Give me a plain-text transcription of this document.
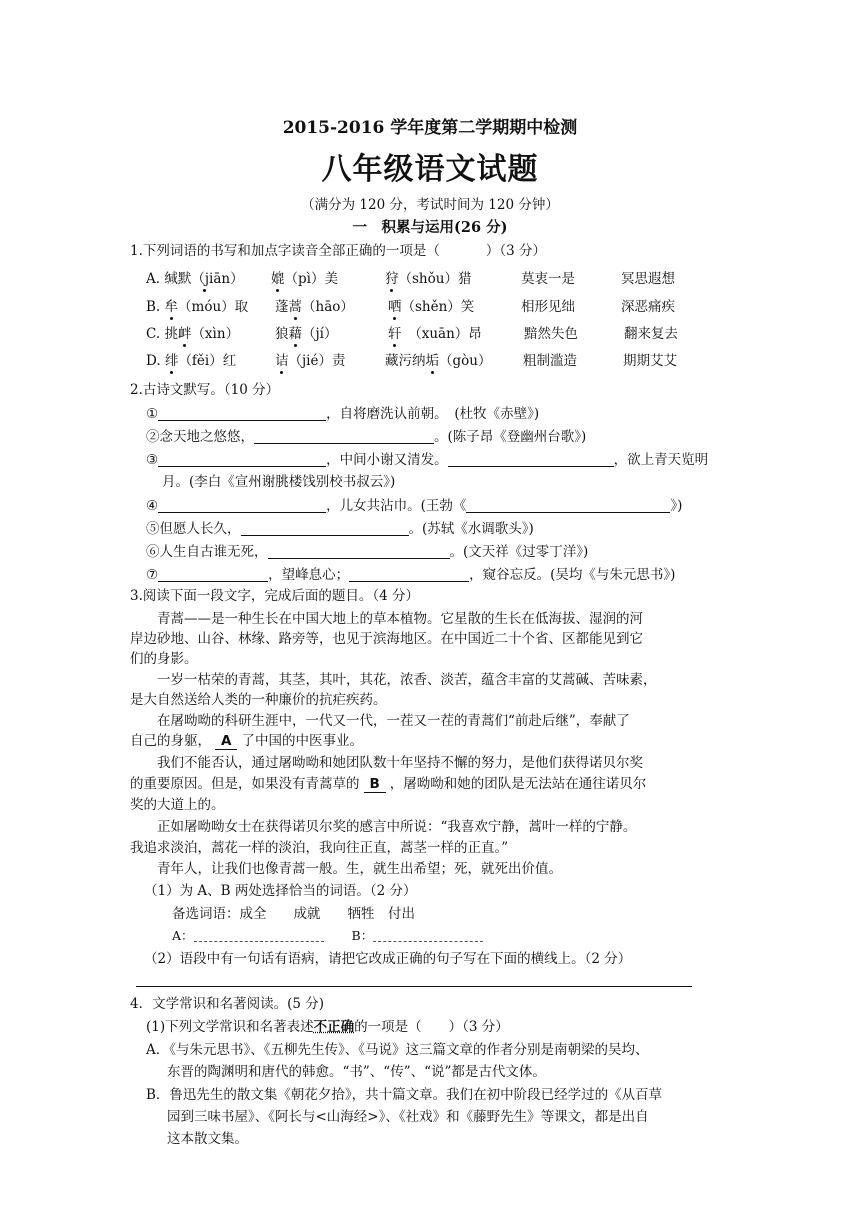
2015-2016 学年度第二学期期中检测
八年级语文试题
（满分为 120 分，考试时间为 120 分钟）
一　积累与运用(26 分)
1.下列词语的书写和加点字读音全部正确的一项是（	）（3 分）
A. 缄默（jiān） 媲（pì）美	狩（shǒu）猎	莫衷一是	冥思遐想
B. 牟（móu）取 蓬蒿（hāo）	哂（shěn）笑	相形见绌	深恶痛疾
C. 挑衅（xìn）	狼藉（jí）	轩　（xuān）昂	黯然失色	翻来复去
D. 绯（fěi）红	诘（jié）责	藏污纳垢（gòu） 粗制滥造	期期艾艾
2.古诗文默写。（10 分）
①	，自将磨洗认前朝。　(杜牧《赤壁》)
②念天地之悠悠，	。(陈子昂《登幽州台歌》)
③	，中间小谢又清发。	，欲上青天览明
月。(李白《宣州谢朓楼饯别校书叔云》)
④	，儿女共沾巾。(王勃《	》)
⑤但愿人长久，	。(苏轼《水调歌头》)
⑥人生自古谁无死，	。(文天祥《过零丁洋》)
⑦	，望峰息心；	，窥谷忘反。(吴均《与朱元思书》)
3.阅读下面一段文字，完成后面的题目。（4 分）
　　青蒿——是一种生长在中国大地上的草本植物。它星散的生长在低海拔、湿润的河
岸边砂地、山谷、林缘、路旁等，也见于滨海地区。在中国近二十个省、区都能见到它
们的身影。
　　一岁一枯荣的青蒿，其茎，其叶，其花，浓香、淡苦，蕴含丰富的艾蒿碱、苦味素，
是大自然送给人类的一种廉价的抗疟疾药。
　　在屠呦呦的科研生涯中，一代又一代，一茬又一茬的青蒿们“前赴后继”，奉献了
自己的身躯， A 了中国的中医事业。
　　我们不能否认，通过屠呦呦和她团队数十年坚持不懈的努力，是他们获得诺贝尔奖
的重要原因。但是，如果没有青蒿草的 B ，屠呦呦和她的团队是无法站在通往诺贝尔
奖的大道上的。
　　正如屠呦呦女士在获得诺贝尔奖的感言中所说：“我喜欢宁静，蒿叶一样的宁静。
我追求淡泊，蒿花一样的淡泊，我向往正直，蒿茎一样的正直。”
　　青年人，让我们也像青蒿一般。生，就生出希望；死，就死出价值。
（1）为 A、B 两处选择恰当的词语。（2 分）
备选词语：成全　　成就　　牺牲　付出
A：	B：
（2）语段中有一句话有语病，请把它改成正确的句子写在下面的横线上。（2 分）
4．文学常识和名著阅读。(5 分)
(1)下列文学常识和名著表述不正确的一项是（　　）（3 分）
A．《与朱元思书》、《五柳先生传》、《马说》这三篇文章的作者分别是南朝梁的吴均、
东晋的陶渊明和唐代的韩愈。“书”、“传”、“说”都是古代文体。
B．鲁迅先生的散文集《朝花夕拾》，共十篇文章。我们在初中阶段已经学过的《从百草
园到三味书屋》、《阿长与<山海经>》、《社戏》和《藤野先生》等课文，都是出自
这本散文集。
